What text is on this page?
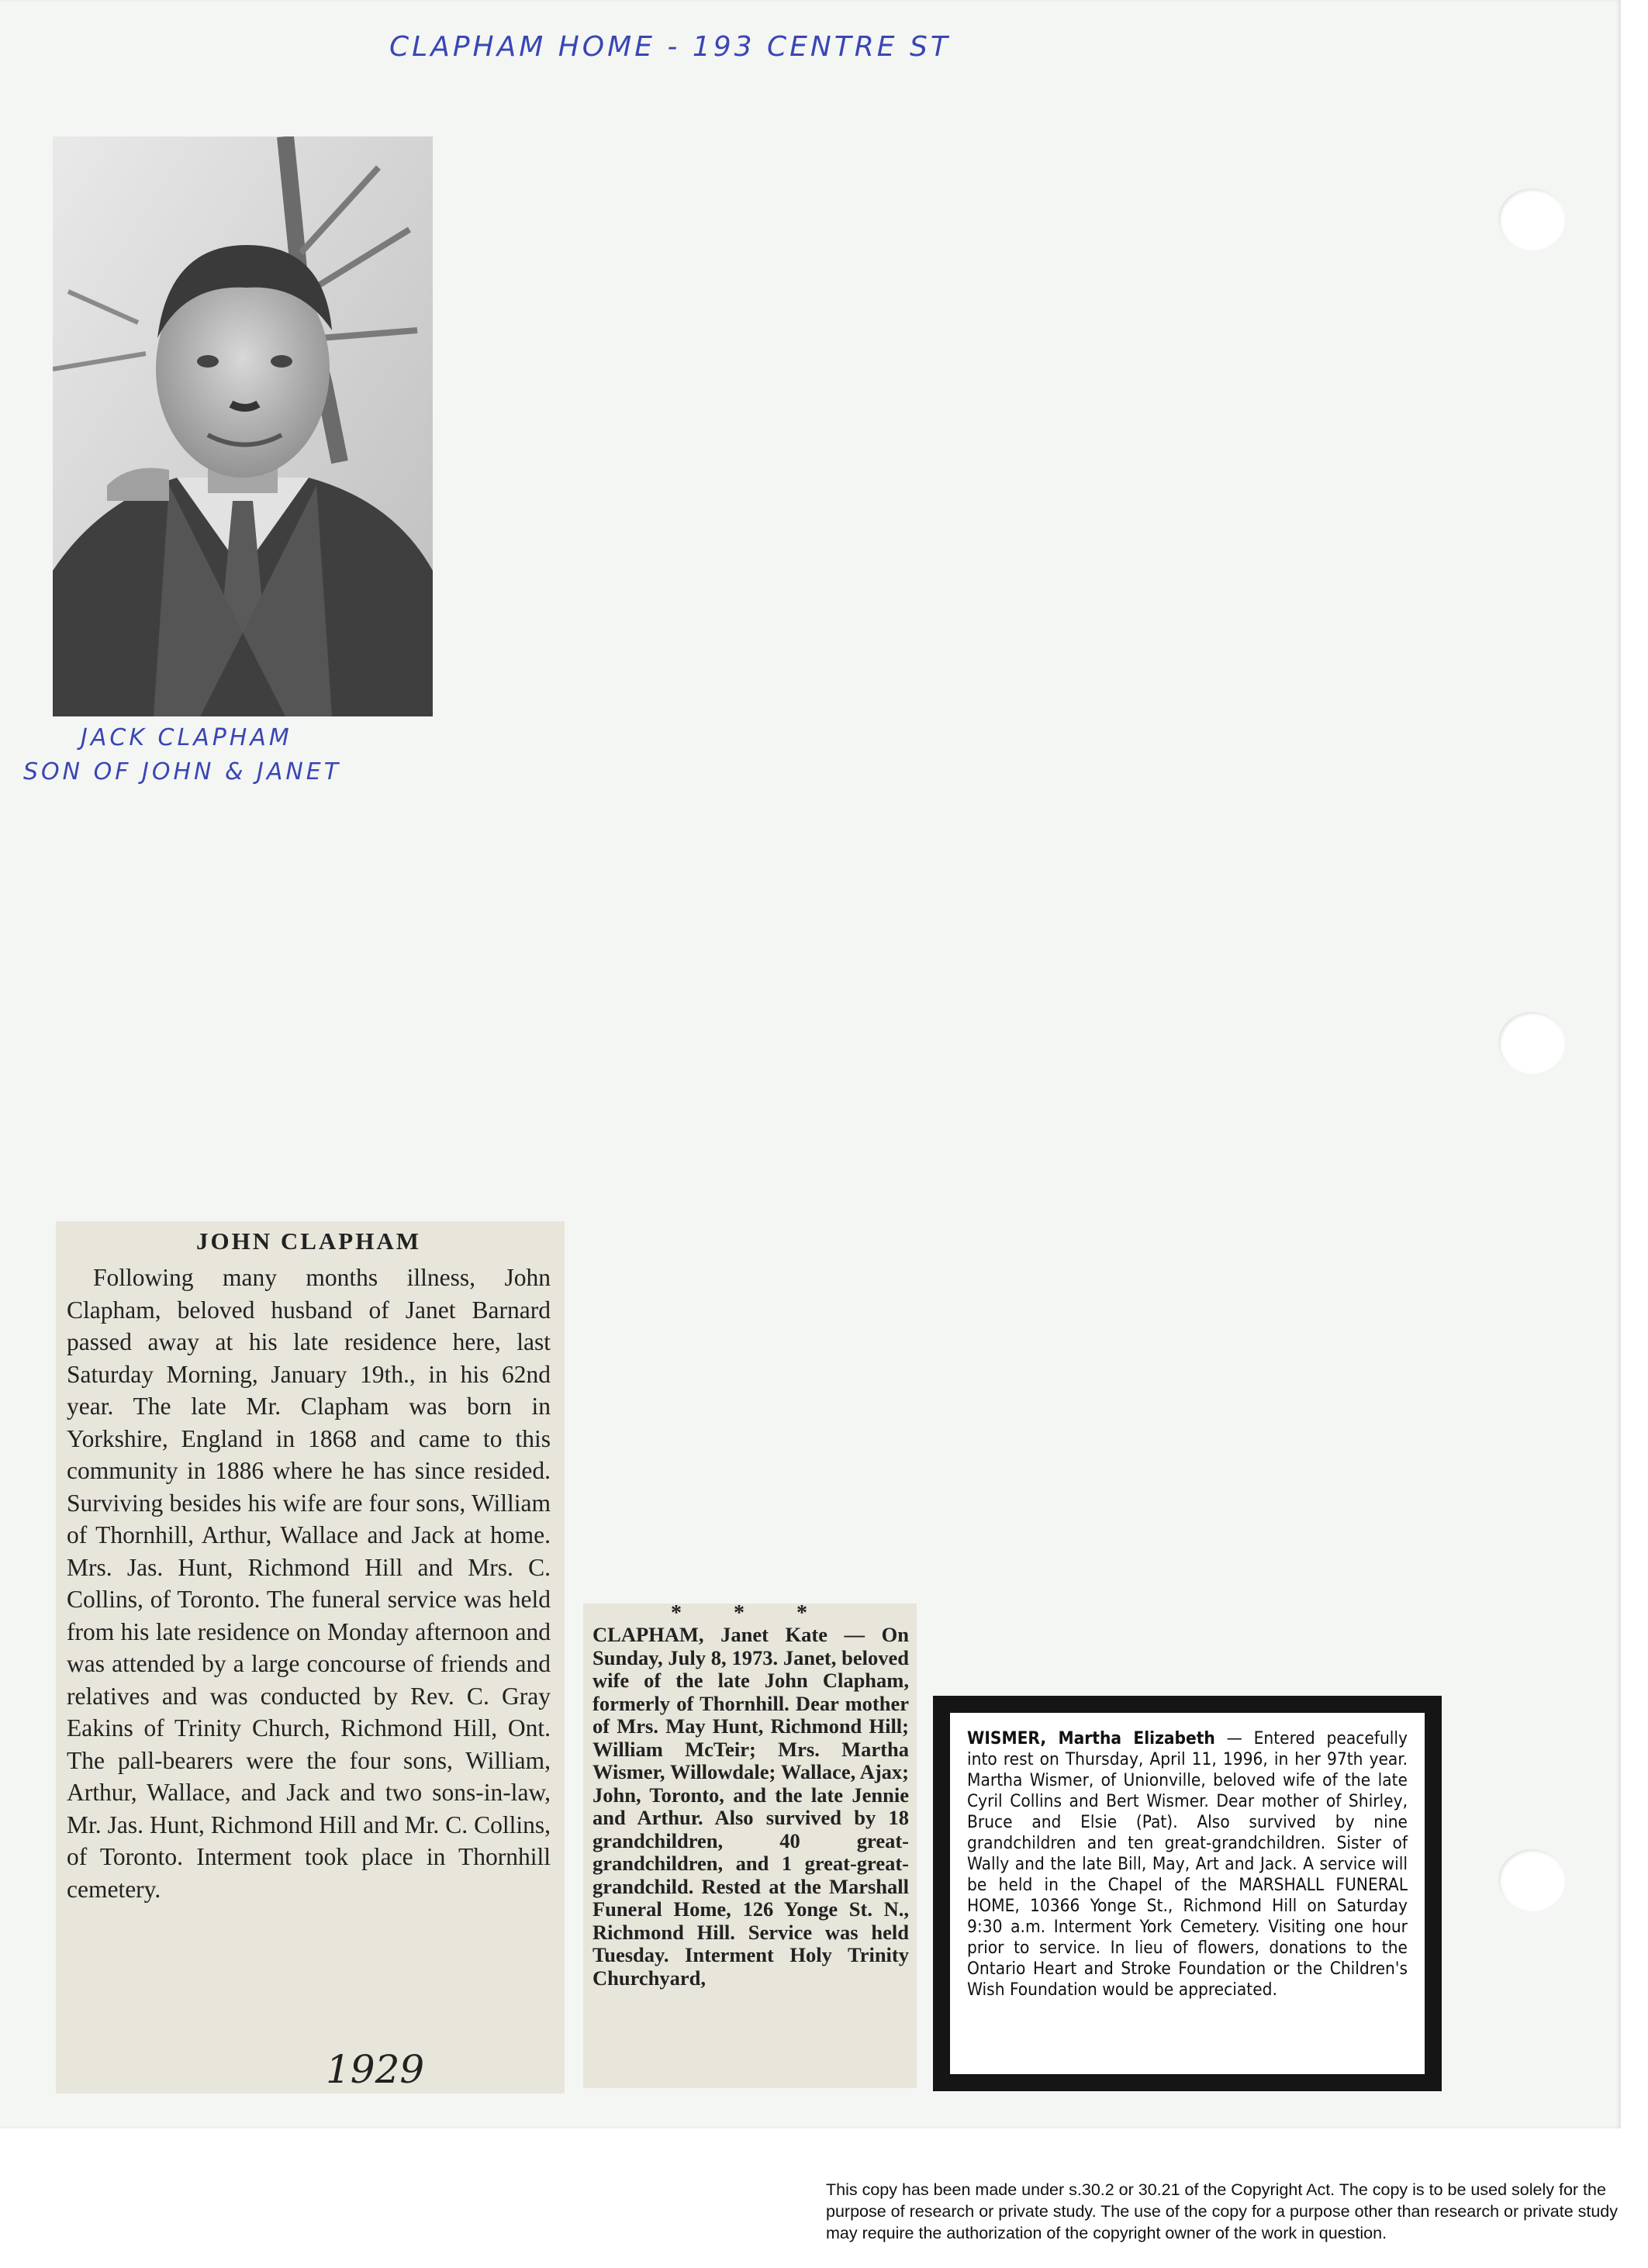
CLAPHAM HOME - 193 CENTRE ST
JACK CLAPHAM
SON OF JOHN & JANET
JOHN CLAPHAM

Following many months illness, John Clapham, beloved husband of Janet Barnard passed away at his late residence here, last Saturday Morning, January 19th., in his 62nd year. The late Mr. Clapham was born in Yorkshire, England in 1868 and came to this community in 1886 where he has since resided. Surviving besides his wife are four sons, William of Thornhill, Arthur, Wallace and Jack at home. Mrs. Jas. Hunt, Richmond Hill and Mrs. C. Collins, of Toronto. The funeral service was held from his late residence on Monday afternoon and was attended by a large concourse of friends and relatives and was conducted by Rev. C. Gray Eakins of Trinity Church, Richmond Hill, Ont. The pall-bearers were the four sons, William, Arthur, Wallace, and Jack and two sons-in-law, Mr. Jas. Hunt, Richmond Hill and Mr. C. Collins, of Toronto. Interment took place in Thornhill cemetery.

1929
* * *

CLAPHAM, Janet Kate — On Sunday, July 8, 1973. Janet, beloved wife of the late John Clapham, formerly of Thornhill. Dear mother of Mrs. May Hunt, Richmond Hill; William McTeir; Mrs. Martha Wismer, Willowdale; Wallace, Ajax; John, Toronto, and the late Jennie and Arthur. Also survived by 18 grandchildren, 40 great-grandchildren, and 1 great-great-grandchild. Rested at the Marshall Funeral Home, 126 Yonge St. N., Richmond Hill. Service was held Tuesday. Interment Holy Trinity Churchyard,

WISMER, Martha Elizabeth — Entered peacefully into rest on Thursday, April 11, 1996, in her 97th year. Martha Wismer, of Unionville, beloved wife of the late Cyril Collins and Bert Wismer. Dear mother of Shirley, Bruce and Elsie (Pat). Also survived by nine grandchildren and ten great-grandchildren. Sister of Wally and the late Bill, May, Art and Jack. A service will be held in the Chapel of the MARSHALL FUNERAL HOME, 10366 Yonge St., Richmond Hill on Saturday 9:30 a.m. Interment York Cemetery. Visiting one hour prior to service. In lieu of flowers, donations to the Ontario Heart and Stroke Foundation or the Children's Wish Foundation would be appreciated.
This copy has been made under s.30.2 or 30.21 of the Copyright Act. The copy is to be used solely for the purpose of research or private study. The use of the copy for a purpose other than research or private study may require the authorization of the copyright owner of the work in question.
